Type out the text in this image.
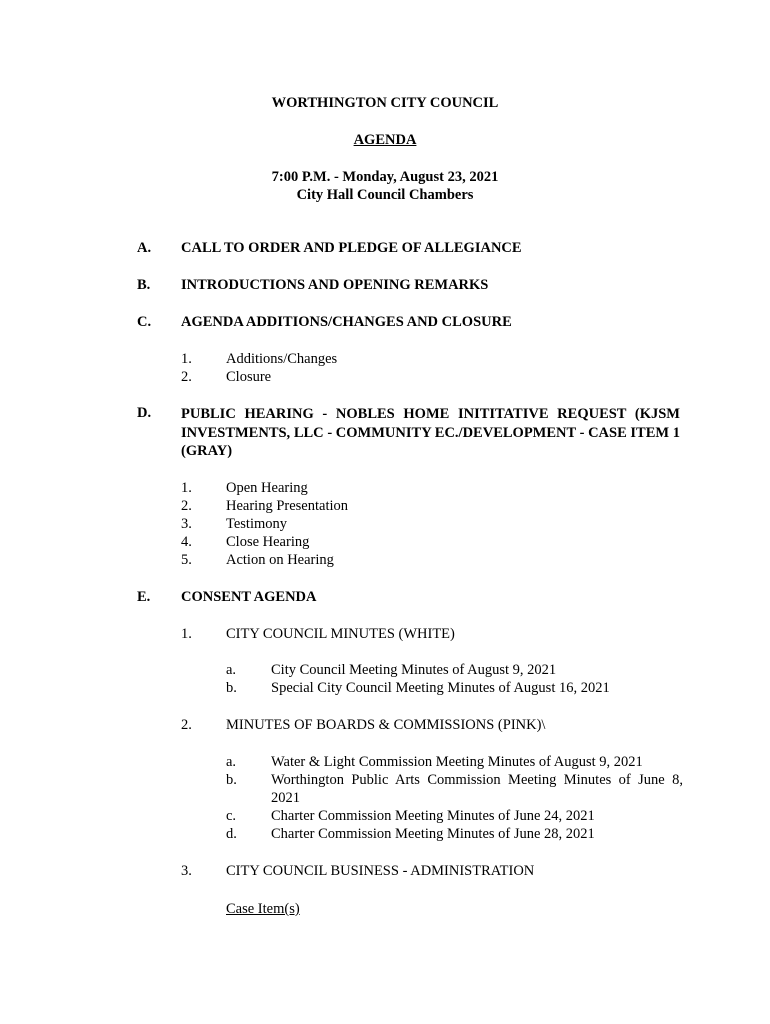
WORTHINGTON CITY COUNCIL
AGENDA
7:00 P.M. - Monday, August 23, 2021
City Hall Council Chambers
A. CALL TO ORDER AND PLEDGE OF ALLEGIANCE
B. INTRODUCTIONS AND OPENING REMARKS
C. AGENDA ADDITIONS/CHANGES AND CLOSURE
1. Additions/Changes
2. Closure
D. PUBLIC HEARING - NOBLES HOME INITITATIVE REQUEST (KJSM INVESTMENTS, LLC - COMMUNITY EC./DEVELOPMENT - CASE ITEM 1 (GRAY)
1. Open Hearing
2. Hearing Presentation
3. Testimony
4. Close Hearing
5. Action on Hearing
E. CONSENT AGENDA
1. CITY COUNCIL MINUTES (WHITE)
a. City Council Meeting Minutes of August 9, 2021
b. Special City Council Meeting Minutes of August 16, 2021
2. MINUTES OF BOARDS & COMMISSIONS (PINK)\
a. Water & Light Commission Meeting Minutes of August 9, 2021
b. Worthington Public Arts Commission Meeting Minutes of June 8, 2021
c. Charter Commission Meeting Minutes of June 24, 2021
d. Charter Commission Meeting Minutes of June 28, 2021
3. CITY COUNCIL BUSINESS - ADMINISTRATION
Case Item(s)
